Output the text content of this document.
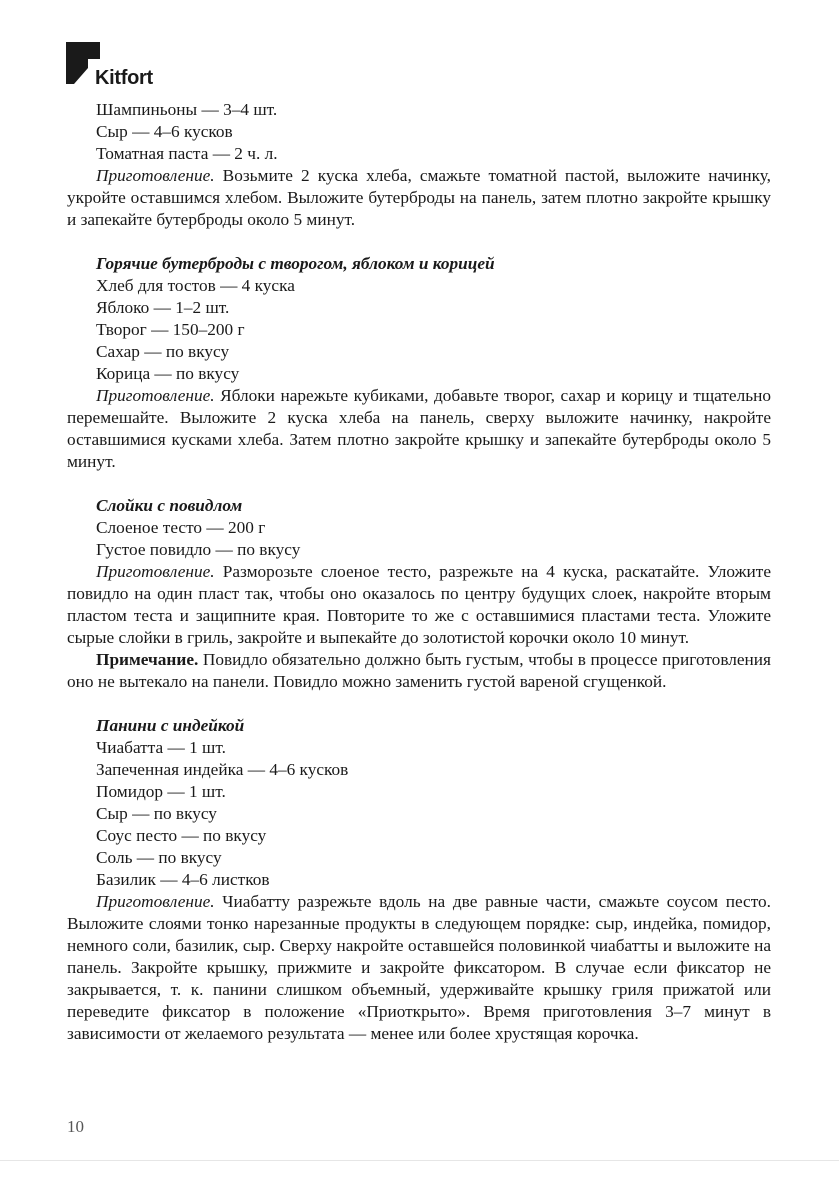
Kitfort

Шампиньоны — 3–4 шт.

Сыр — 4–6 кусков

Томатная паста — 2 ч. л.

Приготовление. Возьмите 2 куска хлеба, смажьте томатной пастой, выложите начинку, укройте оставшимся хлебом. Выложите бутерброды на панель, затем плотно закройте крышку и запекайте бутерброды около 5 минут.

Горячие бутерброды с творогом, яблоком и корицей

Хлеб для тостов — 4 куска

Яблоко — 1–2 шт.

Творог — 150–200 г

Сахар — по вкусу

Корица — по вкусу

Приготовление. Яблоки нарежьте кубиками, добавьте творог, сахар и корицу и тщательно перемешайте. Выложите 2 куска хлеба на панель, сверху выложите начинку, накройте оставшимися кусками хлеба. Затем плотно закройте крышку и запекайте бутерброды около 5 минут.

Слойки с повидлом

Слоеное тесто — 200 г

Густое повидло — по вкусу

Приготовление. Разморозьте слоеное тесто, разрежьте на 4 куска, раскатайте. Уложите повидло на один пласт так, чтобы оно оказалось по центру будущих слоек, накройте вторым пластом теста и защипните края. Повторите то же с оставшимися пластами теста. Уложите сырые слойки в гриль, закройте и выпекайте до золотистой корочки около 10 минут.

Примечание. Повидло обязательно должно быть густым, чтобы в процессе приготовления оно не вытекало на панели. Повидло можно заменить густой вареной сгущенкой.

Панини с индейкой

Чиабатта — 1 шт.

Запеченная индейка — 4–6 кусков

Помидор — 1 шт.

Сыр — по вкусу

Соус песто — по вкусу

Соль — по вкусу

Базилик — 4–6 листков

Приготовление. Чиабатту разрежьте вдоль на две равные части, смажьте соусом песто. Выложите слоями тонко нарезанные продукты в следующем порядке: сыр, индейка, помидор, немного соли, базилик, сыр. Сверху накройте оставшейся половинкой чиабатты и выложите на панель. Закройте крышку, прижмите и закройте фиксатором. В случае если фиксатор не закрывается, т. к. панини слишком объемный, удерживайте крышку гриля прижатой или переведите фиксатор в положение «Приоткрыто». Время приготовления 3–7 минут в зависимости от желаемого результата — менее или более хрустящая корочка.

10
